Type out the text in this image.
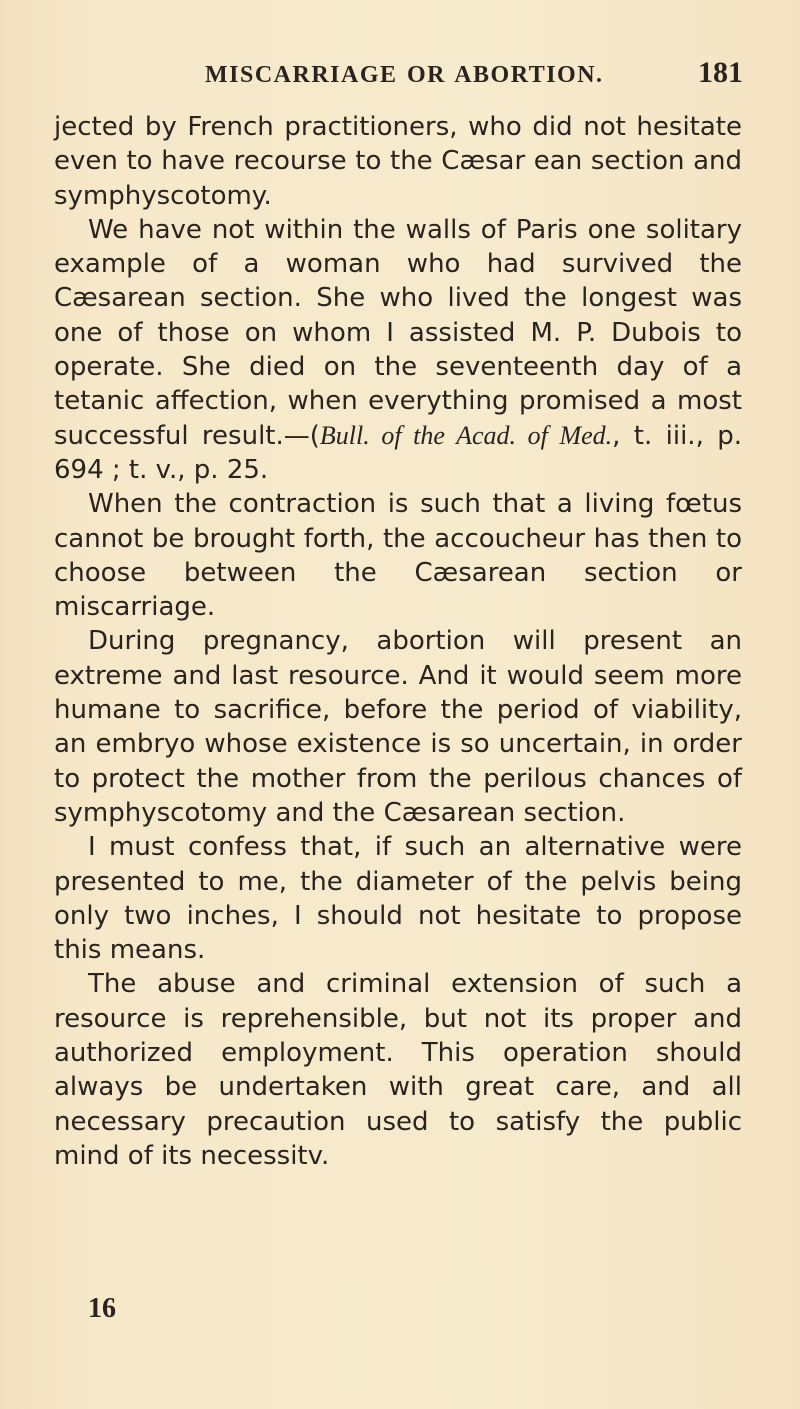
MISCARRIAGE OR ABORTION.	181

jected by French practitioners, who did not hesitate even to have recourse to the Cæsar ean section and symphyscotomy.

We have not within the walls of Paris one solitary example of a woman who had survived the Cæsarean section. She who lived the longest was one of those on whom I assisted M. P. Dubois to operate. She died on the seventeenth day of a tetanic affection, when everything promised a most successful result.—(Bull. of the Acad. of Med., t. iii., p. 694 ; t. v., p. 25.

When the contraction is such that a living fœtus cannot be brought forth, the accoucheur has then to choose between the Cæsarean section or miscarriage.

During pregnancy, abortion will present an extreme and last resource. And it would seem more humane to sacrifice, before the period of viability, an embryo whose existence is so uncertain, in order to protect the mother from the perilous chances of symphyscotomy and the Cæsarean section.

I must confess that, if such an alternative were presented to me, the diameter of the pelvis being only two inches, I should not hesitate to propose this means.

The abuse and criminal extension of such a resource is reprehensible, but not its proper and authorized employment. This operation should always be undertaken with great care, and all necessary precaution used to satisfy the public mind of its necessitv.

16
